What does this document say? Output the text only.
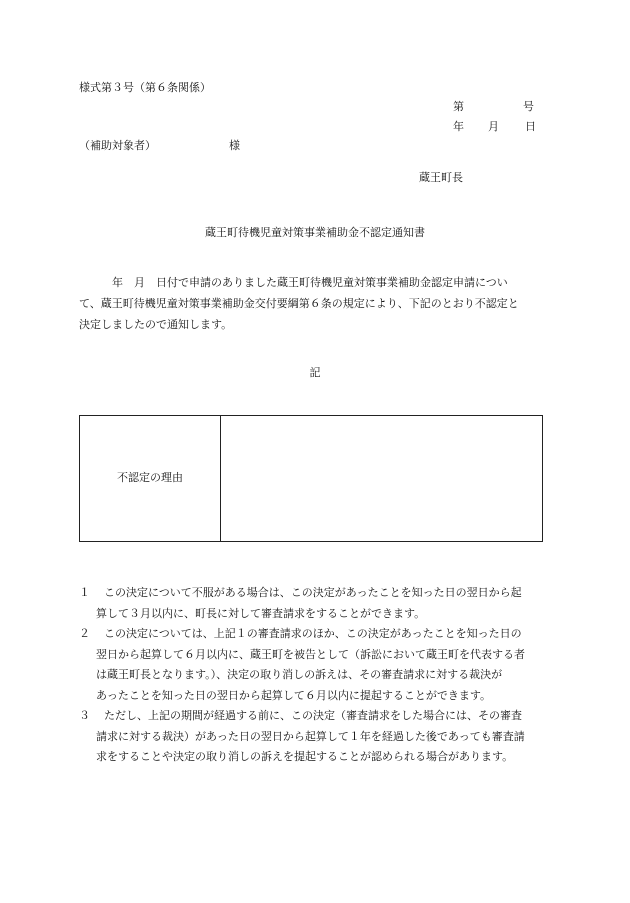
様式第３号（第６条関係）
第	号
年 月 日
（補助対象者）	様
蔵王町長
蔵王町待機児童対策事業補助金不認定通知書
年　月　日付で申請のありました蔵王町待機児童対策事業補助金認定申請につい
て、蔵王町待機児童対策事業補助金交付要綱第６条の規定により、下記のとおり不認定と
決定しましたので通知します。
記
不認定の理由
１	この決定について不服がある場合は、この決定があったことを知った日の翌日から起
算して３月以内に、町長に対して審査請求をすることができます。
２	この決定については、上記１の審査請求のほか、この決定があったことを知った日の
翌日から起算して６月以内に、蔵王町を被告として（訴訟において蔵王町を代表する者
は蔵王町長となります。）、決定の取り消しの訴えは、その審査請求に対する裁決が
あったことを知った日の翌日から起算して６月以内に提起することができます。
３	ただし、上記の期間が経過する前に、この決定（審査請求をした場合には、その審査
請求に対する裁決）があった日の翌日から起算して１年を経過した後であっても審査請
求をすることや決定の取り消しの訴えを提起することが認められる場合があります。
